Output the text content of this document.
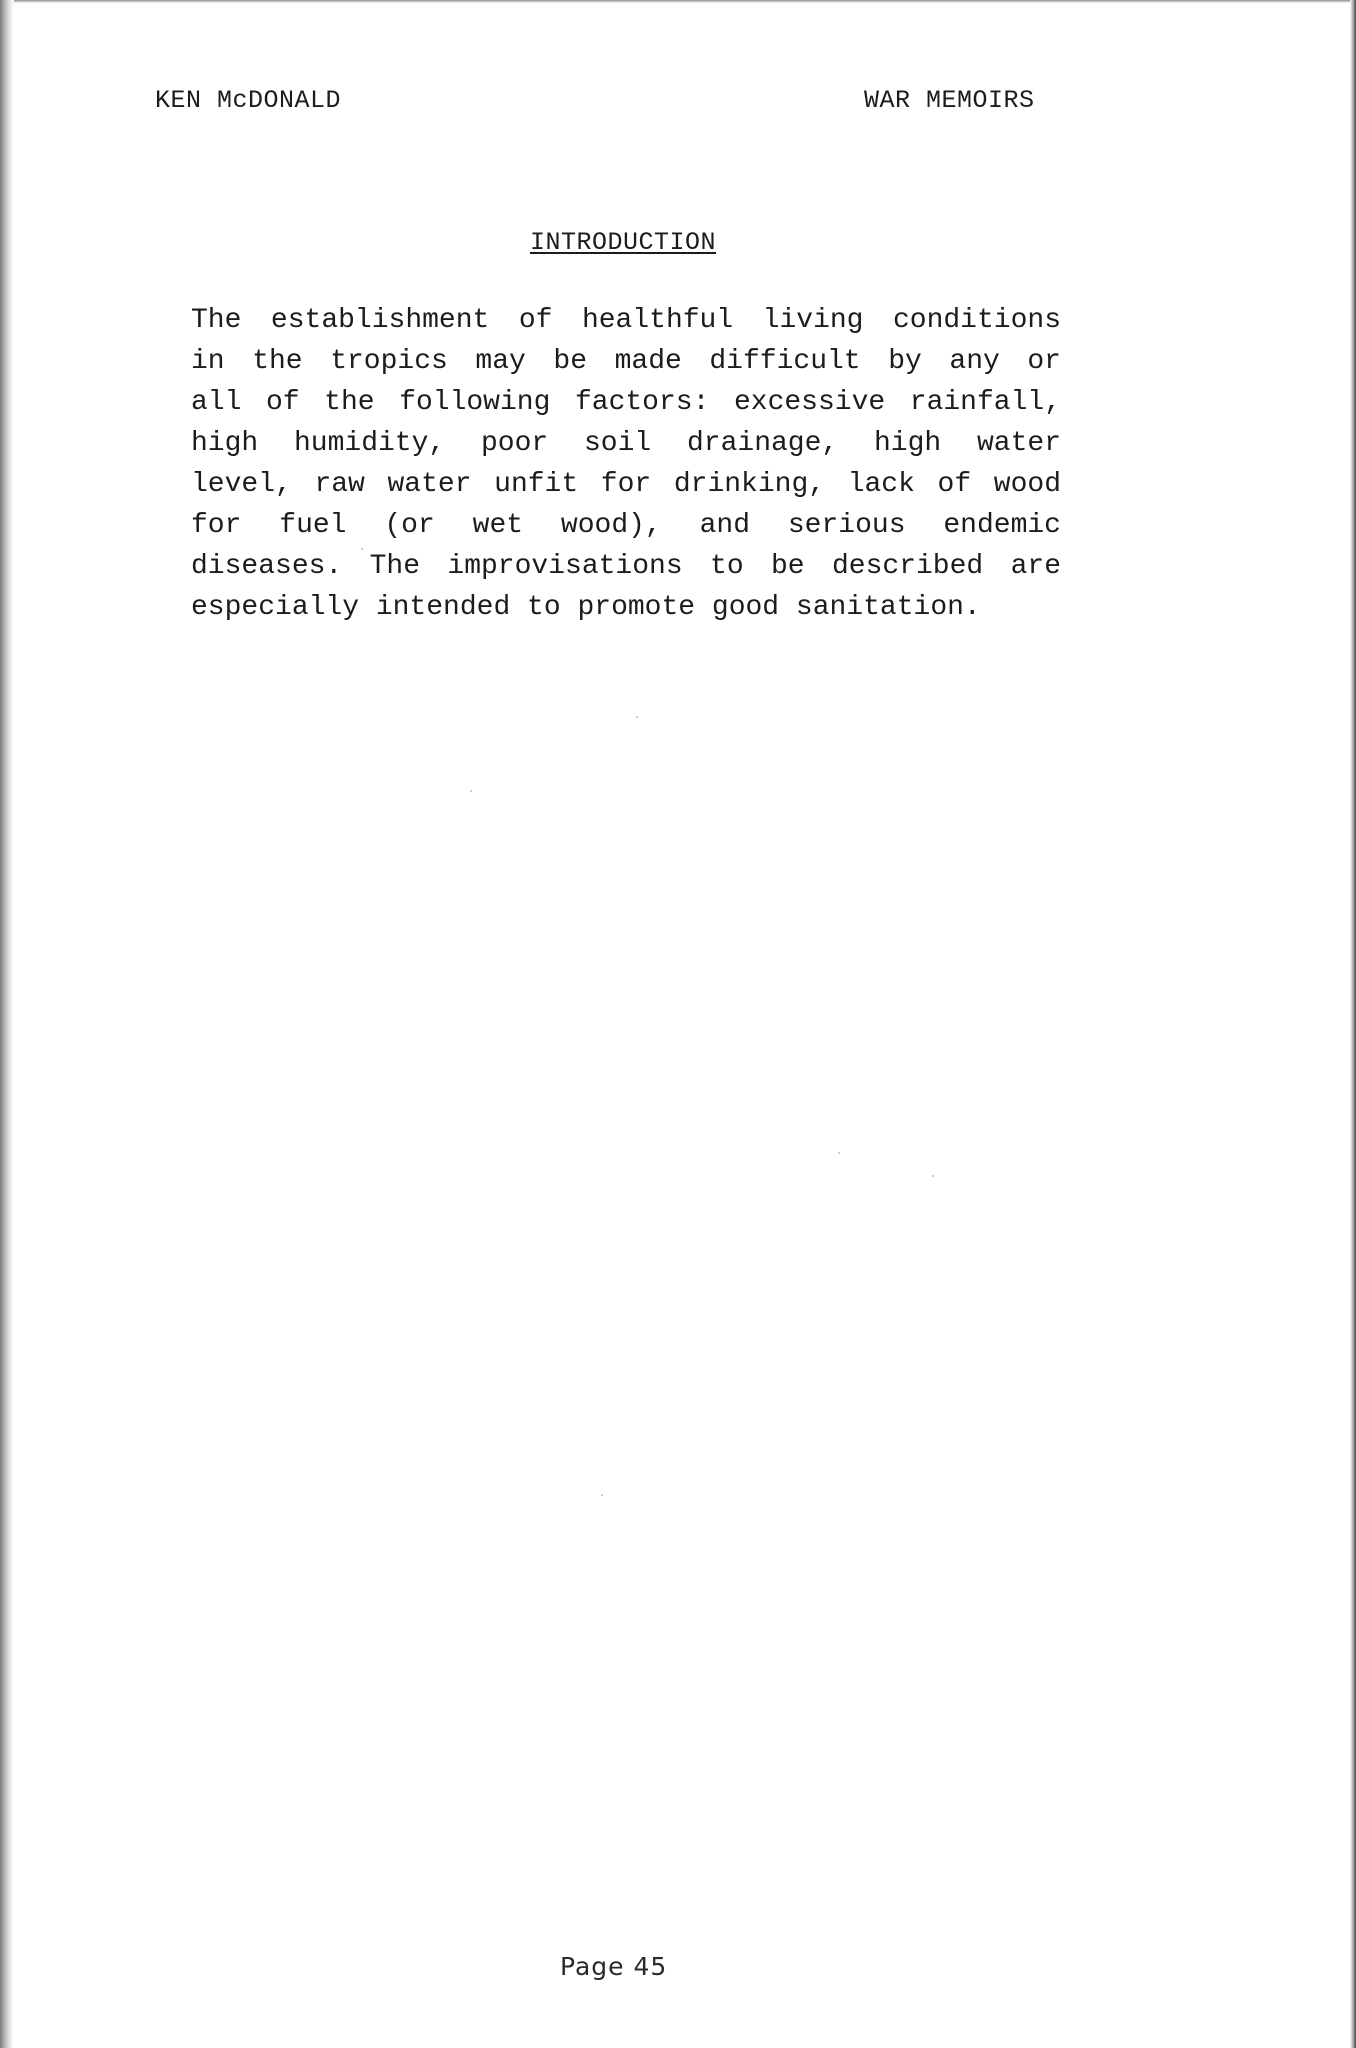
KEN McDONALD	WAR MEMOIRS
INTRODUCTION
The establishment of healthful living conditions
in the tropics may be made difficult by any or
all of the following factors: excessive rainfall,
high humidity, poor soil drainage, high water
level, raw water unfit for drinking, lack of wood
for fuel (or wet wood), and serious endemic
diseases. The improvisations to be described are
especially intended to promote good sanitation.
Page 45
